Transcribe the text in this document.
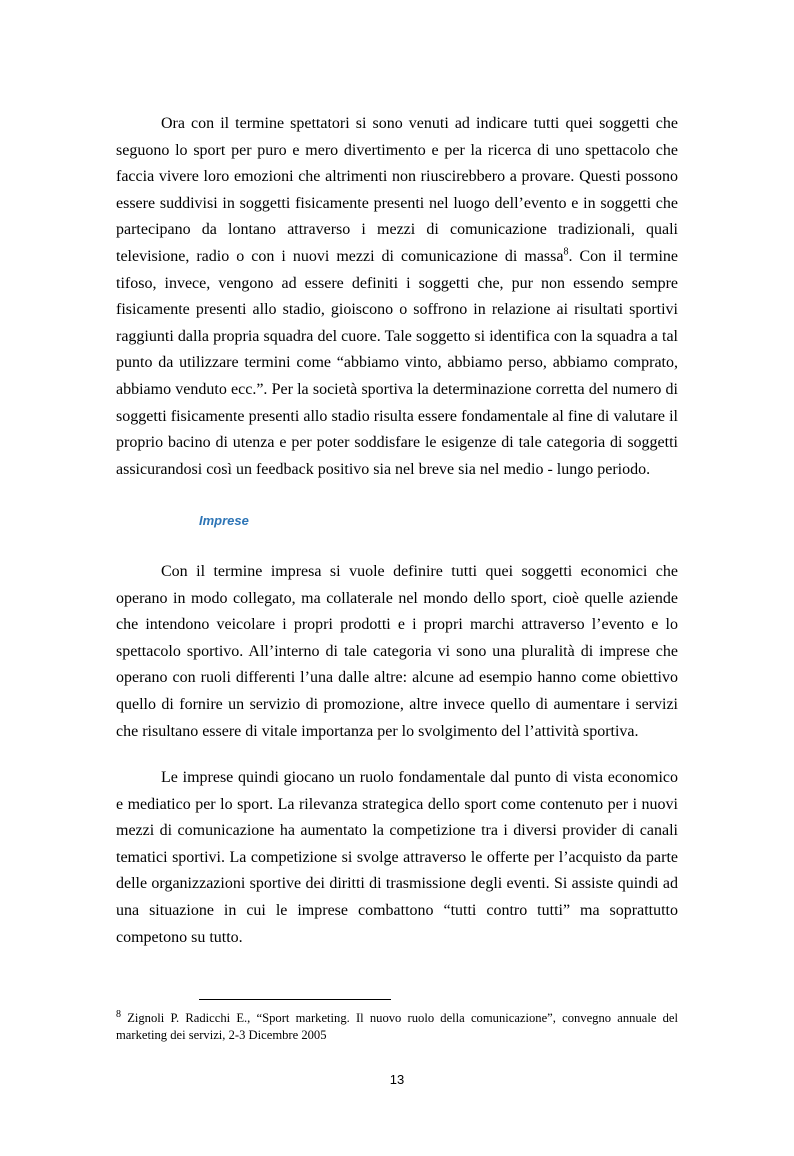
Ora con il termine spettatori si sono venuti ad indicare tutti quei soggetti che seguono lo sport per puro e mero divertimento e per la ricerca di uno spettacolo che faccia vivere loro emozioni che altrimenti non riuscirebbero a provare. Questi possono essere suddivisi in soggetti fisicamente presenti nel luogo dell’evento e in soggetti che partecipano da lontano attraverso i mezzi di comunicazione tradizionali, quali televisione, radio o con i nuovi mezzi di comunicazione di massa$^8$. Con il termine tifoso, invece, vengono ad essere definiti i soggetti che, pur non essendo sempre fisicamente presenti allo stadio, gioiscono o soffrono in relazione ai risultati sportivi raggiunti dalla propria squadra del cuore. Tale soggetto si identifica con la squadra a tal punto da utilizzare termini come “abbiamo vinto, abbiamo perso, abbiamo comprato, abbiamo venduto ecc.”. Per la società sportiva la determinazione corretta del numero di soggetti fisicamente presenti allo stadio risulta essere fondamentale al fine di valutare il proprio bacino di utenza e per poter soddisfare le esigenze di tale categoria di soggetti assicurandosi così un feedback positivo sia nel breve sia nel medio - lungo periodo.

Imprese

Con il termine impresa si vuole definire tutti quei soggetti economici che operano in modo collegato, ma collaterale nel mondo dello sport, cioè quelle aziende che intendono veicolare i propri prodotti e i propri marchi attraverso l’evento e lo spettacolo sportivo. All’interno di tale categoria vi sono una pluralità di imprese che operano con ruoli differenti l’una dalle altre: alcune ad esempio hanno come obiettivo quello di fornire un servizio di promozione, altre invece quello di aumentare i servizi che risultano essere di vitale importanza per lo svolgimento del l’attività sportiva.

Le imprese quindi giocano un ruolo fondamentale dal punto di vista economico e mediatico per lo sport. La rilevanza strategica dello sport come contenuto per i nuovi mezzi di comunicazione ha aumentato la competizione tra i diversi provider di canali tematici sportivi. La competizione si svolge attraverso le offerte per l’acquisto da parte delle organizzazioni sportive dei diritti di trasmissione degli eventi. Si assiste quindi ad una situazione in cui le imprese combattono “tutti contro tutti” ma soprattutto competono su tutto.

$^8$ Zignoli P. Radicchi E., “Sport marketing. Il nuovo ruolo della comunicazione”, convegno annuale del marketing dei servizi, 2-3 Dicembre 2005

13
